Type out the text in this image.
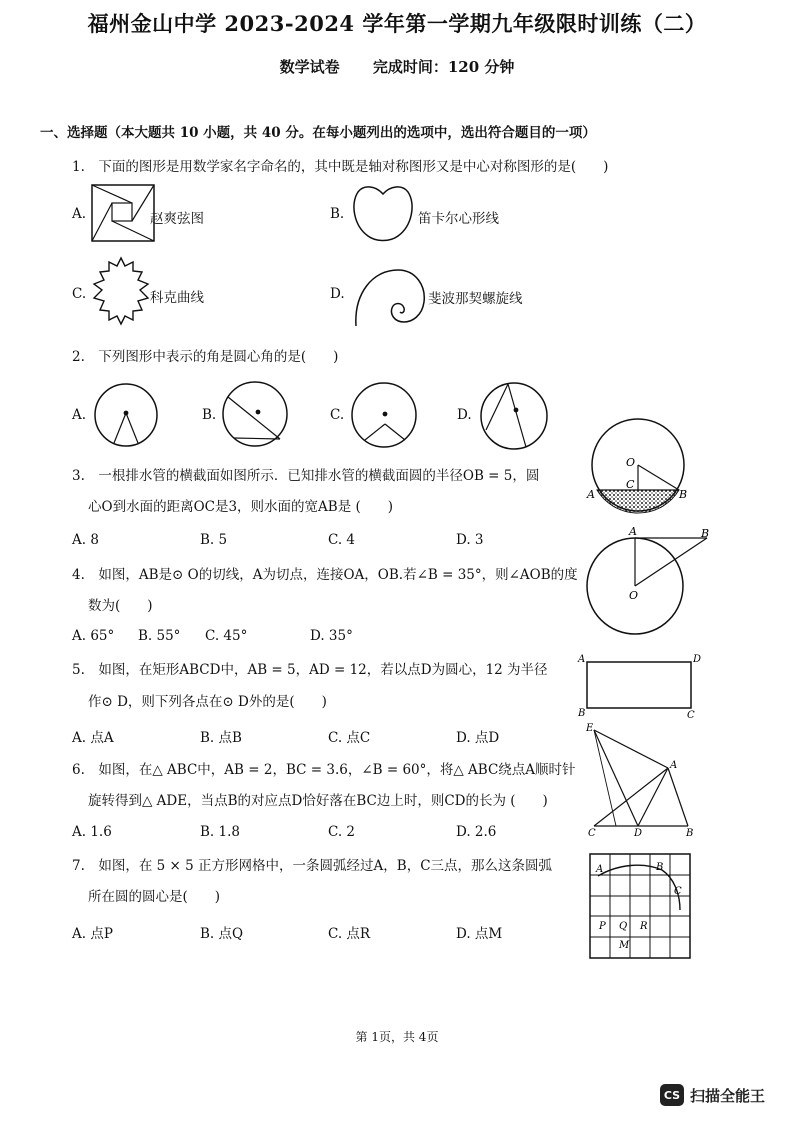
福州金山中学 2023-2024 学年第一学期九年级限时训练（二）
数学试卷 完成时间：120 分钟
一、选择题（本大题共 10 小题，共 40 分。在每小题列出的选项中，选出符合题目的一项）
1.　下面的图形是用数学家名字命名的，其中既是轴对称图形又是中心对称图形的是(　　)
A.	赵爽弦图	B.	笛卡尔心形线
C.	科克曲线	D.	斐波那契螺旋线
2.　下列图形中表示的角是圆心角的是(　　)
A.	B.	C.	D.
3.　一根排水管的横截面如图所示．已知排水管的横截面圆的半径OB = 5，圆
心O到水面的距离OC是3，则水面的宽AB是 (　　)
A. 8	B. 5	C. 4	D. 3
O
C
A	B
4.　如图，AB是⊙ O的切线，A为切点，连接OA，OB.若∠B = 35°，则∠AOB的度
数为(　　)
A. 65° B. 55° C. 45°	D. 35°
A	B
O
5.　如图，在矩形ABCD中，AB = 5，AD = 12，若以点D为圆心，12 为半径
作⊙ D，则下列各点在⊙ D外的是(　　)
A. 点A	B. 点B	C. 点C	D. 点D
A	D
B	C
6.　如图，在△ ABC中，AB = 2，BC = 3.6，∠B = 60°，将△ ABC绕点A顺时针
旋转得到△ ADE，当点B的对应点D恰好落在BC边上时，则CD的长为 (　　)
A. 1.6	B. 1.8	C. 2	D. 2.6
E
A
C	D	B
7.　如图，在 5 × 5 正方形网格中，一条圆弧经过A，B，C三点，那么这条圆弧
所在圆的圆心是(　　)
A. 点P	B. 点Q	C. 点R	D. 点M
A	B
C
P Q R
M
第 1页，共 4页
CS 扫描全能王
